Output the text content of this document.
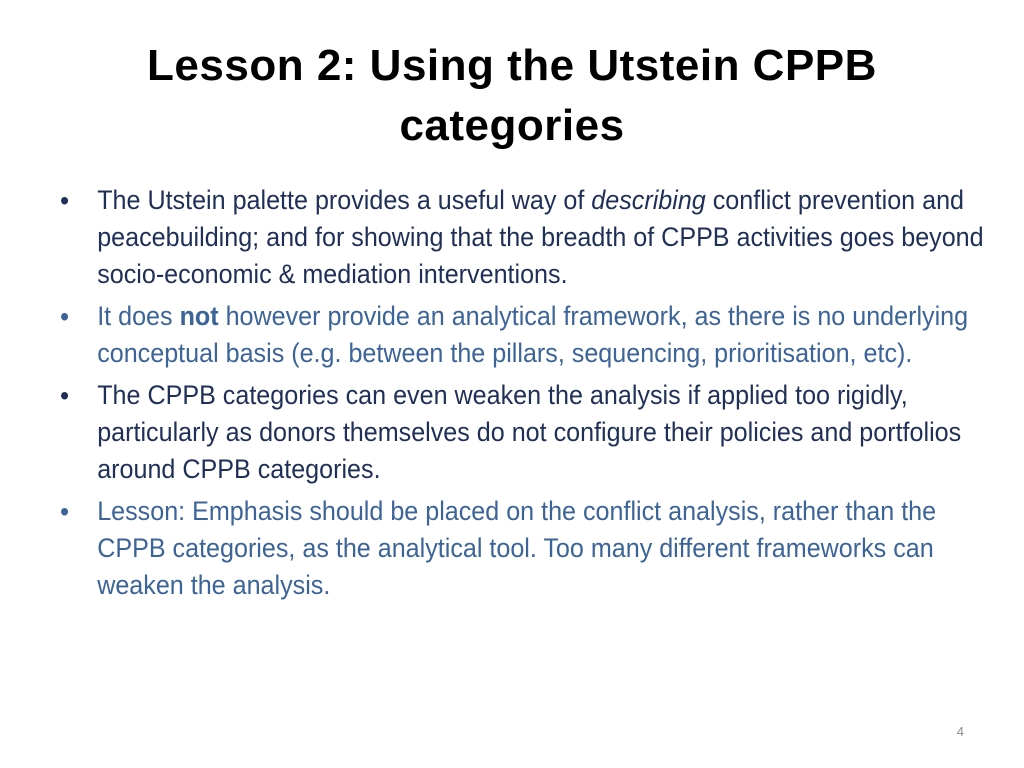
Lesson 2: Using the Utstein CPPB
categories
• The Utstein palette provides a useful way of describing conflict prevention and peacebuilding; and for showing that the breadth of CPPB activities goes beyond socio-economic & mediation interventions.
• It does not however provide an analytical framework, as there is no underlying conceptual basis (e.g. between the pillars, sequencing, prioritisation, etc).
• The CPPB categories can even weaken the analysis if applied too rigidly, particularly as donors themselves do not configure their policies and portfolios around CPPB categories.
• Lesson: Emphasis should be placed on the conflict analysis, rather than the CPPB categories, as the analytical tool. Too many different frameworks can weaken the analysis.
4
